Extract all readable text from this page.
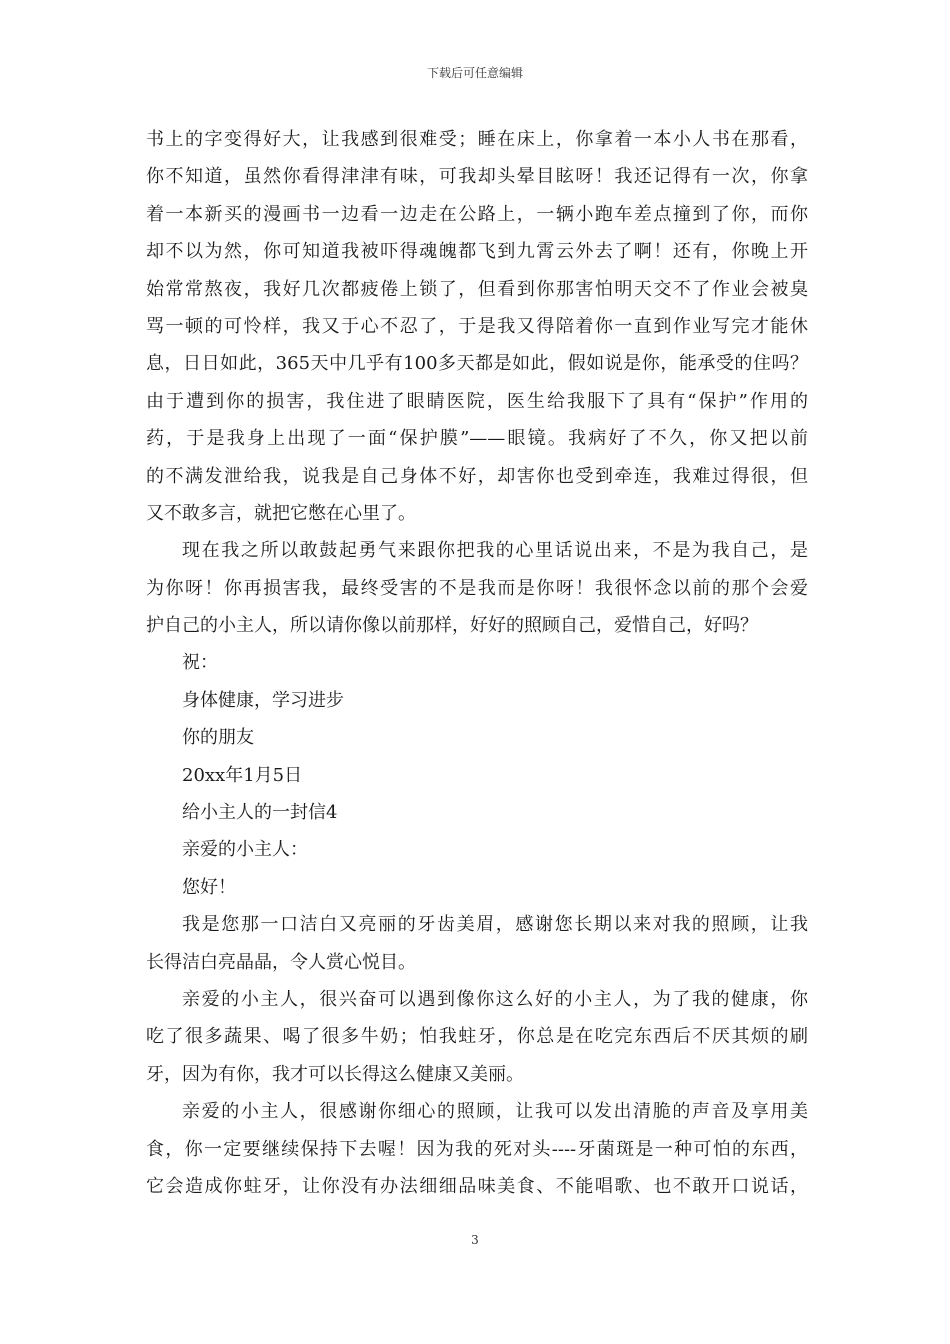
下载后可任意编辑
书上的字变得好大，让我感到很难受；睡在床上，你拿着一本小人书在那看，
你不知道，虽然你看得津津有味，可我却头晕目眩呀！我还记得有一次，你拿
着一本新买的漫画书一边看一边走在公路上，一辆小跑车差点撞到了你，而你
却不以为然，你可知道我被吓得魂魄都飞到九霄云外去了啊！还有，你晚上开
始常常熬夜，我好几次都疲倦上锁了，但看到你那害怕明天交不了作业会被臭
骂一顿的可怜样，我又于心不忍了，于是我又得陪着你一直到作业写完才能休
息，日日如此，365天中几乎有100多天都是如此，假如说是你，能承受的住吗？
由于遭到你的损害，我住进了眼睛医院，医生给我服下了具有“保护”作用的
药，于是我身上出现了一面“保护膜”——眼镜。我病好了不久，你又把以前
的不满发泄给我，说我是自己身体不好，却害你也受到牵连，我难过得很，但
又不敢多言，就把它憋在心里了。
现在我之所以敢鼓起勇气来跟你把我的心里话说出来，不是为我自己，是
为你呀！你再损害我，最终受害的不是我而是你呀！我很怀念以前的那个会爱
护自己的小主人，所以请你像以前那样，好好的照顾自己，爱惜自己，好吗？
祝：
身体健康，学习进步
你的朋友
20xx年1月5日
给小主人的一封信4
亲爱的小主人：
您好！
我是您那一口洁白又亮丽的牙齿美眉，感谢您长期以来对我的照顾，让我
长得洁白亮晶晶，令人赏心悦目。
亲爱的小主人，很兴奋可以遇到像你这么好的小主人，为了我的健康，你
吃了很多蔬果、喝了很多牛奶；怕我蛀牙，你总是在吃完东西后不厌其烦的刷
牙，因为有你，我才可以长得这么健康又美丽。
亲爱的小主人，很感谢你细心的照顾，让我可以发出清脆的声音及享用美
食，你一定要继续保持下去喔！因为我的死对头----牙菌斑是一种可怕的东西，
它会造成你蛀牙，让你没有办法细细品味美食、不能唱歌、也不敢开口说话，
3
